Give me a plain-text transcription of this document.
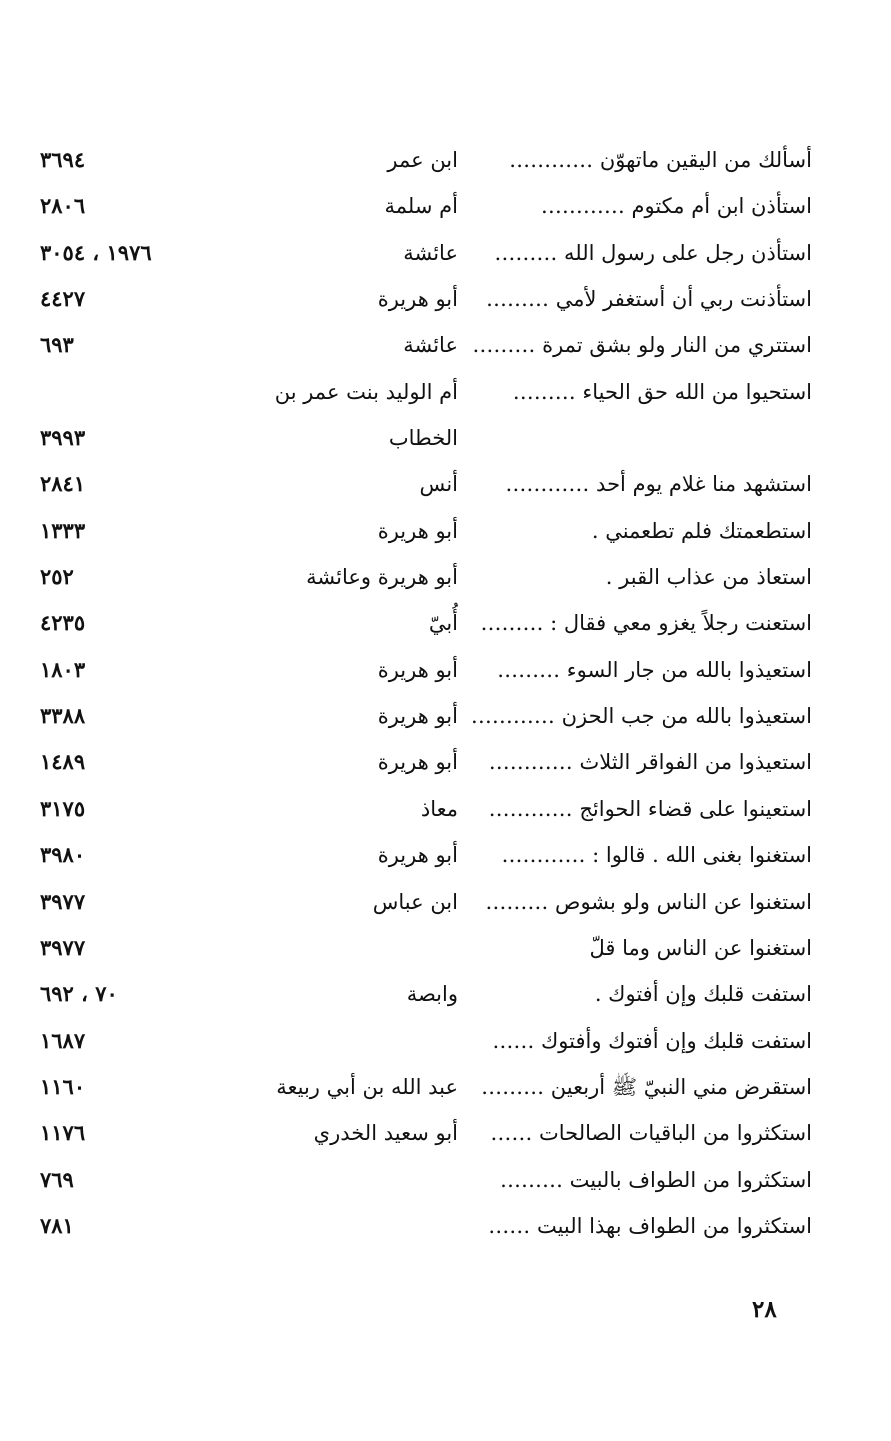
أسألك من اليقين ماتهوّن …………
ابن عمر
٣٦٩٤
استأذن ابن أم مكتوم …………
أم سلمة
٢٨٠٦
استأذن رجل على رسول الله ………
عائشة
١٩٧٦ ، ٣٠٥٤
استأذنت ربي أن أستغفر لأمي ………
أبو هريرة
٤٤٢٧
استتري من النار ولو بشق تمرة ………
عائشة
٦٩٣
استحيوا من الله حق الحياء ………
أم الوليد بنت عمر بن
الخطاب
٣٩٩٣
استشهد منا غلام يوم أحد …………
أنس
٢٨٤١
استطعمتك فلم تطعمني .
أبو هريرة
١٣٣٣
استعاذ من عذاب القبر .
أبو هريرة وعائشة
٢٥٢
استعنت رجلاً يغزو معي فقال : ………
أُبيّ
٤٢٣٥
استعيذوا بالله من جار السوء ………
أبو هريرة
١٨٠٣
استعيذوا بالله من جب الحزن …………
أبو هريرة
٣٣٨٨
استعيذوا من الفواقر الثلاث …………
أبو هريرة
١٤٨٩
استعينوا على قضاء الحوائج …………
معاذ
٣١٧٥
استغنوا بغنى الله . قالوا : …………
أبو هريرة
٣٩٨٠
استغنوا عن الناس ولو بشوص ………
ابن عباس
٣٩٧٧
استغنوا عن الناس وما قلّ
٣٩٧٧
استفت قلبك وإن أفتوك .
وابصة
٧٠ ، ٦٩٢
استفت قلبك وإن أفتوك وأفتوك ……
١٦٨٧
استقرض مني النبيّ ﷺ أربعين ………
عبد الله بن أبي ربيعة
١١٦٠
استكثروا من الباقيات الصالحات ……
أبو سعيد الخدري
١١٧٦
استكثروا من الطواف بالبيت ………
٧٦٩
استكثروا من الطواف بهذا البيت ……
٧٨١
٢٨
